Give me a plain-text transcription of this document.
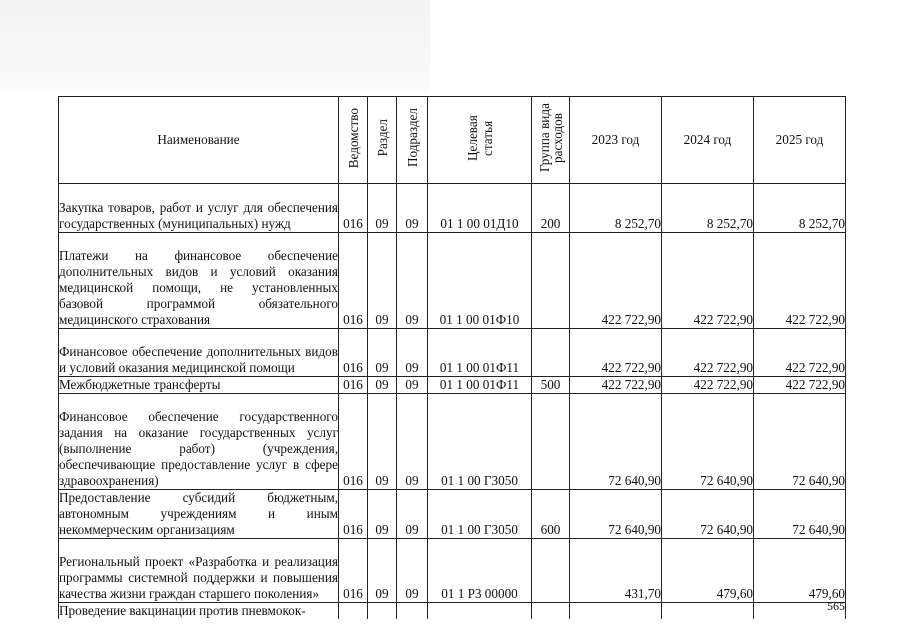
Наименование	Ведомство	Раздел	Подраздел	Целевая статья	Группа вида расходов	2023 год	2024 год	2025 год
Закупка товаров, работ и услуг для обеспечения государственных (муниципальных) нужд	016	09	09	01 1 00 01Д10	200	8 252,70	8 252,70	8 252,70
Платежи на финансовое обеспечение дополнительных видов и условий оказания медицинской помощи, не установленных базовой программой обязательного медицинского страхования	016	09	09	01 1 00 01Ф10		422 722,90	422 722,90	422 722,90
Финансовое обеспечение дополнительных видов и условий оказания медицинской помощи	016	09	09	01 1 00 01Ф11		422 722,90	422 722,90	422 722,90
Межбюджетные трансферты	016	09	09	01 1 00 01Ф11	500	422 722,90	422 722,90	422 722,90
Финансовое обеспечение государственного задания на оказание государственных услуг (выполнение работ) (учреждения, обеспечивающие предоставление услуг в сфере здравоохранения)	016	09	09	01 1 00 Г3050		72 640,90	72 640,90	72 640,90
Предоставление субсидий бюджетным, автономным учреждениям и иным некоммерческим организациям	016	09	09	01 1 00 Г3050	600	72 640,90	72 640,90	72 640,90
Региональный проект «Разработка и реализация программы системной поддержки и повышения качества жизни граждан старшего поколения»	016	09	09	01 1 Р3 00000		431,70	479,60	479,60
Проведение вакцинации против пневмокок-									565
